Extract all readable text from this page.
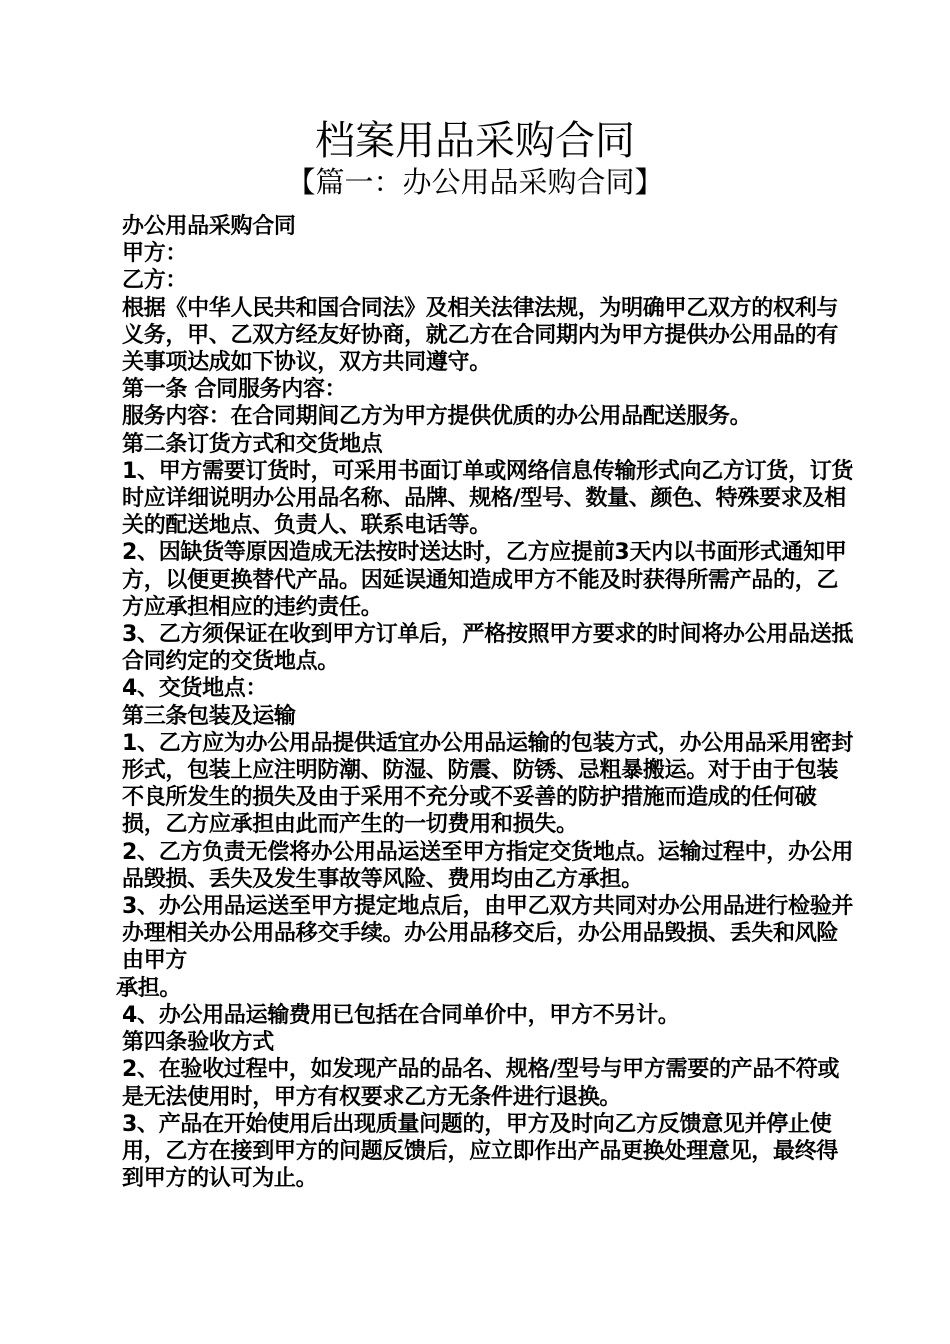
档案用品采购合同
【篇一：办公用品采购合同】

办公用品采购合同

甲方：

乙方：

根据《中华人民共和国合同法》及相关法律法规，为明确甲乙双方的权利与义务，甲、乙双方经友好协商，就乙方在合同期内为甲方提供办公用品的有关事项达成如下协议，双方共同遵守。

第一条 合同服务内容：

服务内容：在合同期间乙方为甲方提供优质的办公用品配送服务。

第二条订货方式和交货地点

1、甲方需要订货时，可采用书面订单或网络信息传输形式向乙方订货，订货时应详细说明办公用品名称、品牌、规格/型号、数量、颜色、特殊要求及相关的配送地点、负责人、联系电话等。

2、因缺货等原因造成无法按时送达时，乙方应提前3天内以书面形式通知甲方，以便更换替代产品。因延误通知造成甲方不能及时获得所需产品的，乙方应承担相应的违约责任。

3、乙方须保证在收到甲方订单后，严格按照甲方要求的时间将办公用品送抵合同约定的交货地点。

4、交货地点：

第三条包装及运输

1、乙方应为办公用品提供适宜办公用品运输的包装方式，办公用品采用密封形式，包装上应注明防潮、防湿、防震、防锈、忌粗暴搬运。对于由于包装不良所发生的损失及由于采用不充分或不妥善的防护措施而造成的任何破损，乙方应承担由此而产生的一切费用和损失。

2、乙方负责无偿将办公用品运送至甲方指定交货地点。运输过程中，办公用品毁损、丢失及发生事故等风险、费用均由乙方承担。

3、办公用品运送至甲方提定地点后，由甲乙双方共同对办公用品进行检验并办理相关办公用品移交手续。办公用品移交后，办公用品毁损、丢失和风险由甲方

承担。

4、办公用品运输费用已包括在合同单价中，甲方不另计。

第四条验收方式

2、在验收过程中，如发现产品的品名、规格/型号与甲方需要的产品不符或是无法使用时，甲方有权要求乙方无条件进行退换。

3、产品在开始使用后出现质量问题的，甲方及时向乙方反馈意见并停止使用，乙方在接到甲方的问题反馈后，应立即作出产品更换处理意见，最终得到甲方的认可为止。
